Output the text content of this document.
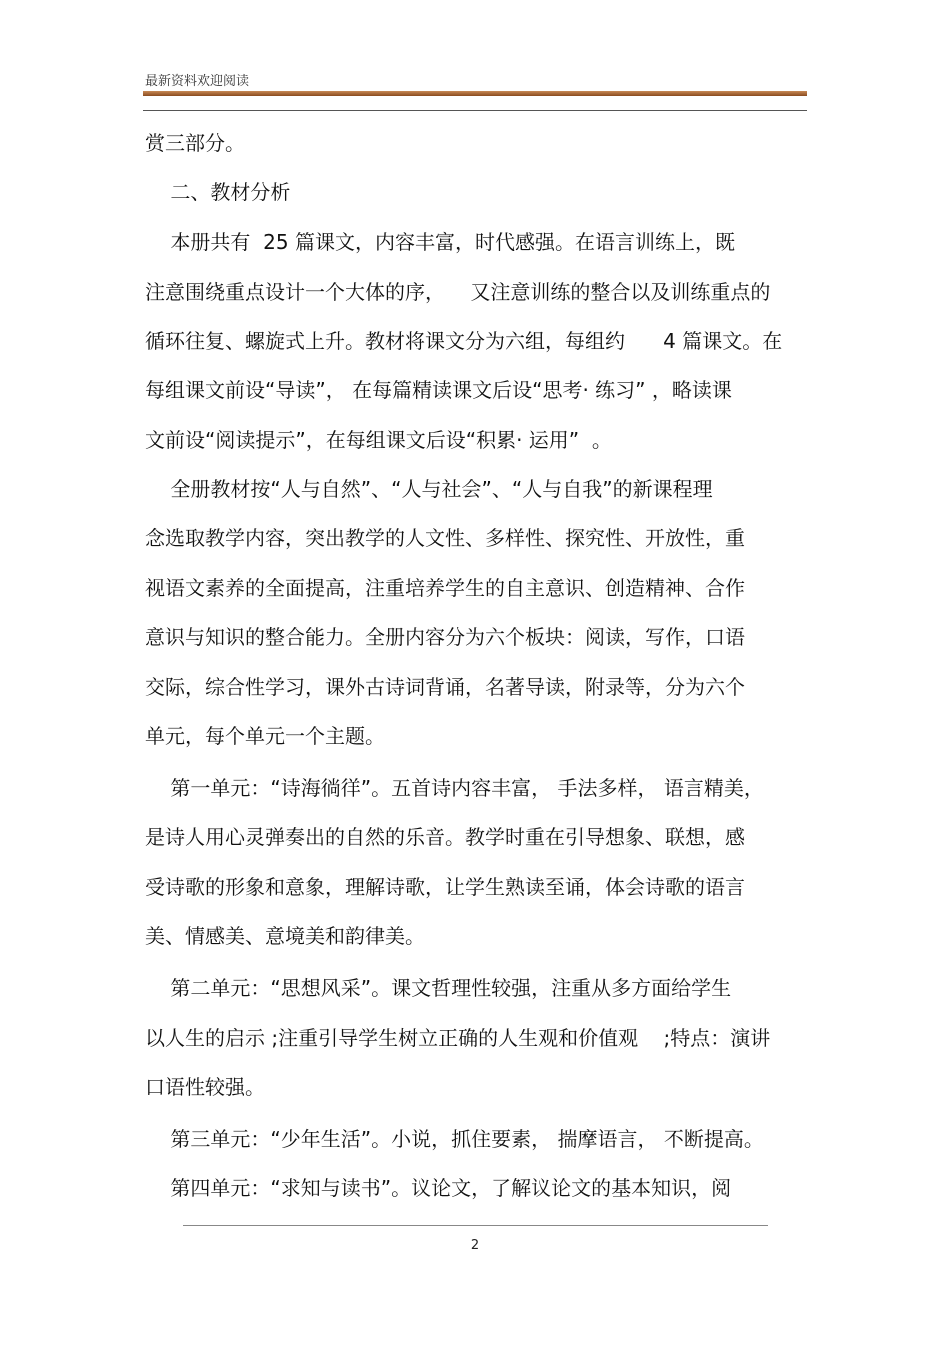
最新资料欢迎阅读
赏三部分。
二、教材分析
本册共有  25 篇课文，内容丰富，时代感强。在语言训练上，既
注意围绕重点设计一个大体的序，    又注意训练的整合以及训练重点的
循环往复、螺旋式上升。教材将课文分为六组，每组约      4 篇课文。在
每组课文前设“导读”， 在每篇精读课文后设“思考· 练习” ，略读课
文前设“阅读提示”，在每组课文后设“积累· 运用”  。
全册教材按“人与自然”、“人与社会”、“人与自我”的新课程理
念选取教学内容，突出教学的人文性、多样性、探究性、开放性，重
视语文素养的全面提高，注重培养学生的自主意识、创造精神、合作
意识与知识的整合能力。全册内容分为六个板块：阅读，写作，口语
交际，综合性学习，课外古诗词背诵，名著导读，附录等，分为六个
单元，每个单元一个主题。
第一单元：“诗海徜徉”。五首诗内容丰富， 手法多样， 语言精美，
是诗人用心灵弹奏出的自然的乐音。教学时重在引导想象、联想，感
受诗歌的形象和意象，理解诗歌，让学生熟读至诵，体会诗歌的语言
美、情感美、意境美和韵律美。
第二单元：“思想风采”。课文哲理性较强，注重从多方面给学生
以人生的启示 ;注重引导学生树立正确的人生观和价值观    ;特点：演讲
口语性较强。
第三单元：“少年生活”。小说，抓住要素， 揣摩语言， 不断提高。
第四单元：“求知与读书”。议论文，了解议论文的基本知识，阅
2
